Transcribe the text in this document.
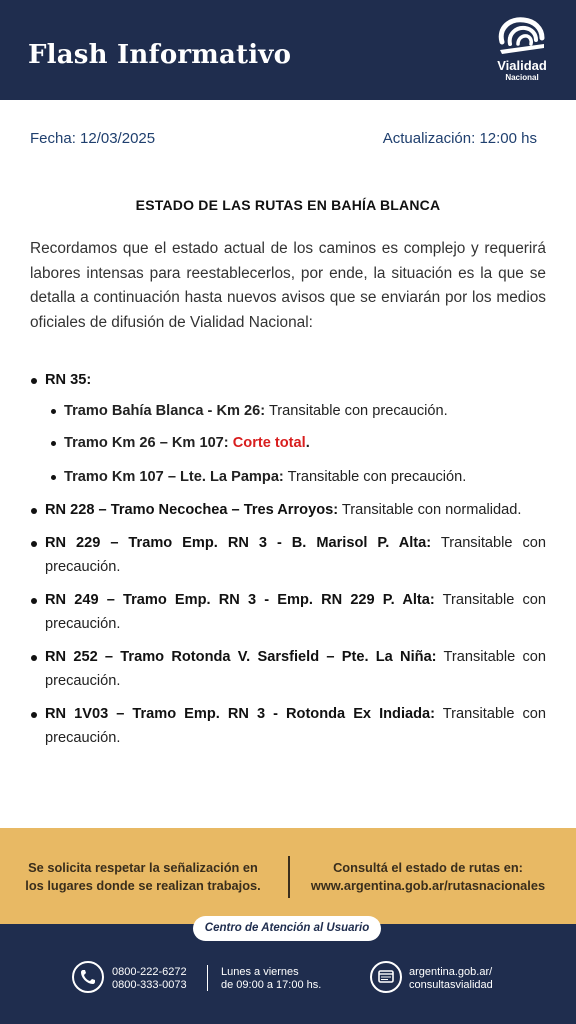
Flash Informativo	Vialidad
Nacional
Fecha: 12/03/2025	Actualización: 12:00 hs
ESTADO DE LAS RUTAS EN BAHÍA BLANCA
Recordamos que el estado actual de los caminos es complejo y requerirá labores intensas para reestablecerlos, por ende, la situación es la que se detalla a continuación hasta nuevos avisos que se enviarán por los medios oficiales de difusión de Vialidad Nacional:
RN 35:
Tramo Bahía Blanca - Km 26: Transitable con precaución.
Tramo Km 26 – Km 107: Corte total.
Tramo Km 107 – Lte. La Pampa: Transitable con precaución.
RN 228 – Tramo Necochea – Tres Arroyos: Transitable con normalidad.
RN 229 – Tramo Emp. RN 3 - B. Marisol P. Alta: Transitable con precaución.
RN 249 – Tramo Emp. RN 3 - Emp. RN 229 P. Alta: Transitable con precaución.
RN 252 – Tramo Rotonda V. Sarsfield – Pte. La Niña: Transitable con precaución.
RN 1V03 – Tramo Emp. RN 3 - Rotonda Ex Indiada: Transitable con precaución.
Se solicita respetar la señalización en los lugares donde se realizan trabajos.
Consultá el estado de rutas en:
www.argentina.gob.ar/rutasnacionales
Centro de Atención al Usuario
0800-222-6272
0800-333-0073
Lunes a viernes
de 09:00 a 17:00 hs.
argentina.gob.ar/
consultasvialidad
